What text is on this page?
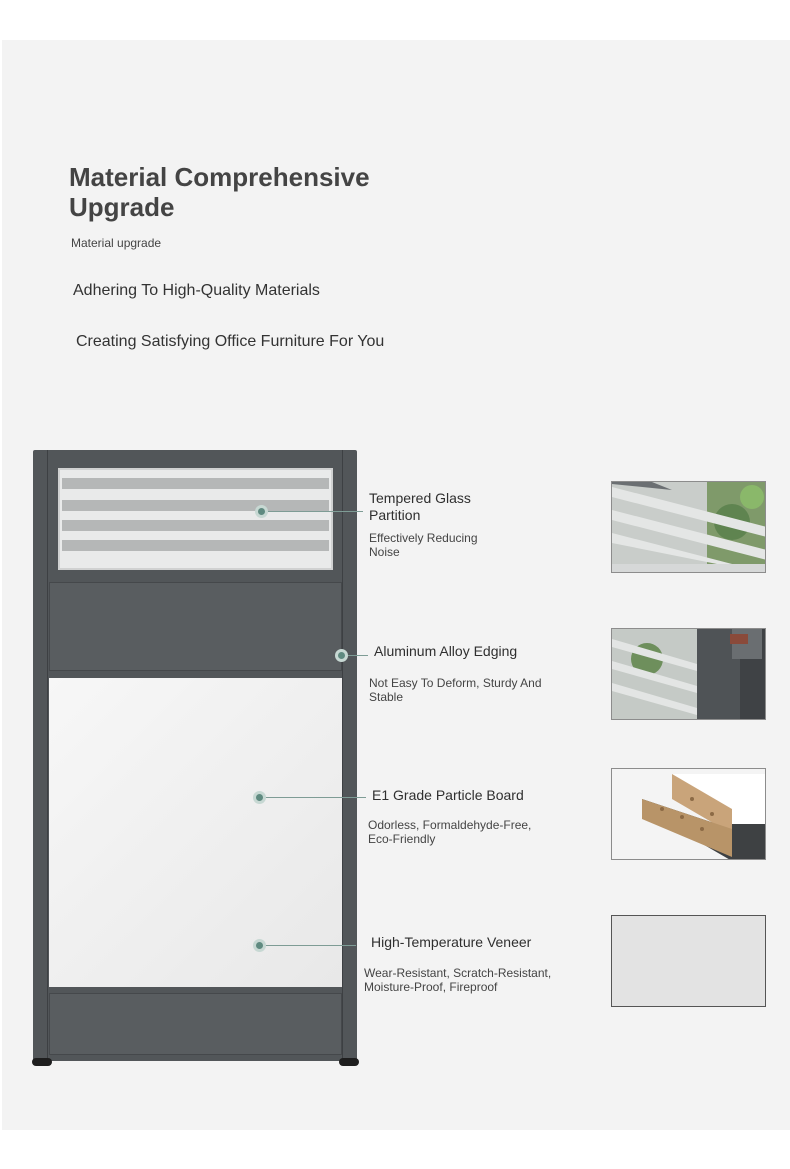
Material Comprehensive Upgrade
Material upgrade
Adhering To High-Quality Materials
Creating Satisfying Office Furniture For You
Tempered Glass Partition
Effectively Reducing Noise
Aluminum Alloy Edging
Not Easy To Deform, Sturdy And Stable
E1 Grade Particle Board
Odorless, Formaldehyde-Free, Eco-Friendly
High-Temperature Veneer
Wear-Resistant, Scratch-Resistant, Moisture-Proof, Fireproof
